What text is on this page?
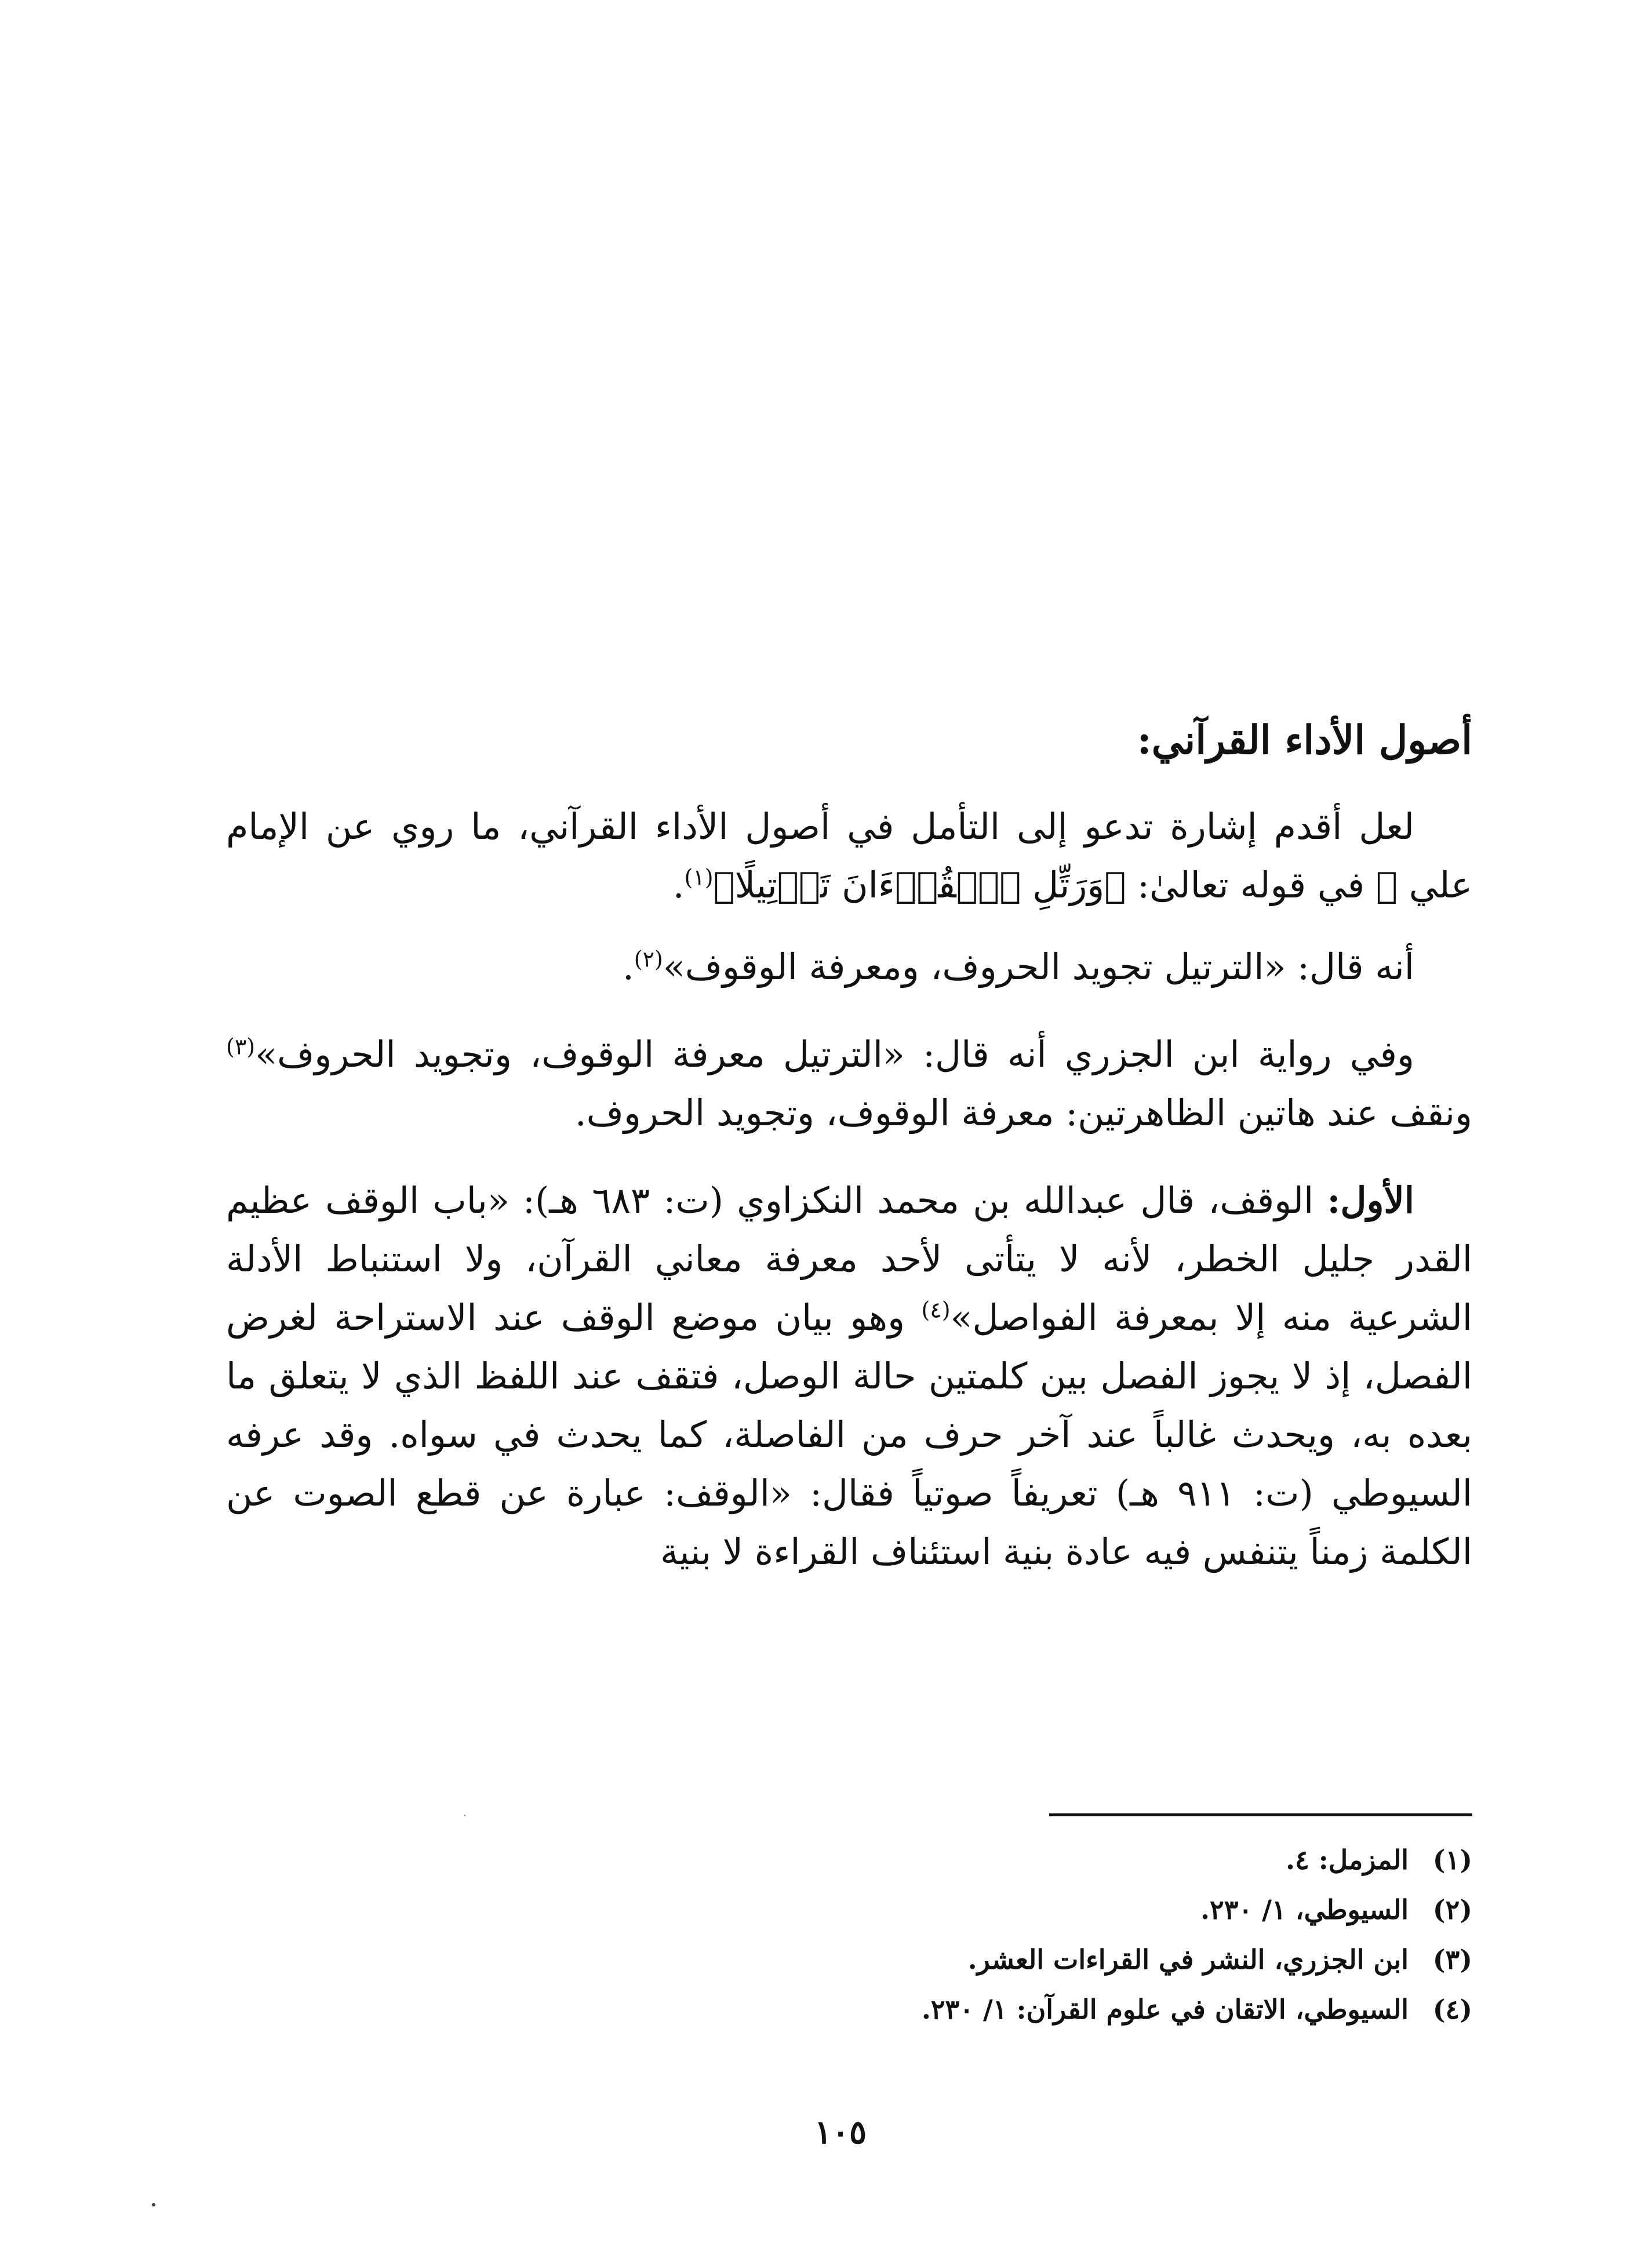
أصول الأداء القرآني:

لعل أقدم إشارة تدعو إلى التأمل في أصول الأداء القرآني، ما روي عن الإمام علي ﷺ في قوله تعالىٰ: ﴿وَرَتِّلِ ٱلۡقُرۡءَانَ تَرۡتِيلًا﴾$^{(١)}$.

أنه قال: «الترتيل تجويد الحروف، ومعرفة الوقوف»$^{(٢)}$.

وفي رواية ابن الجزري أنه قال: «الترتيل معرفة الوقوف، وتجويد الحروف»$^{(٣)}$ ونقف عند هاتين الظاهرتين: معرفة الوقوف، وتجويد الحروف.

الأول: الوقف، قال عبدالله بن محمد النكزاوي (ت: ٦٨٣ هـ): «باب الوقف عظيم القدر جليل الخطر، لأنه لا يتأتى لأحد معرفة معاني القرآن، ولا استنباط الأدلة الشرعية منه إلا بمعرفة الفواصل»$^{(٤)}$ وهو بيان موضع الوقف عند الاستراحة لغرض الفصل، إذ لا يجوز الفصل بين كلمتين حالة الوصل، فتقف عند اللفظ الذي لا يتعلق ما بعده به، ويحدث غالباً عند آخر حرف من الفاصلة، كما يحدث في سواه. وقد عرفه السيوطي (ت: ٩١١ هـ) تعريفاً صوتياً فقال: «الوقف: عبارة عن قطع الصوت عن الكلمة زمناً يتنفس فيه عادة بنية استئناف القراءة لا بنية

(١)المزمل: ٤.
(٢)السيوطي، ١/ ٢٣٠.
(٣)ابن الجزري، النشر في القراءات العشر.
(٤)السيوطي، الاتقان في علوم القرآن: ١/ ٢٣٠.
١٠٥
